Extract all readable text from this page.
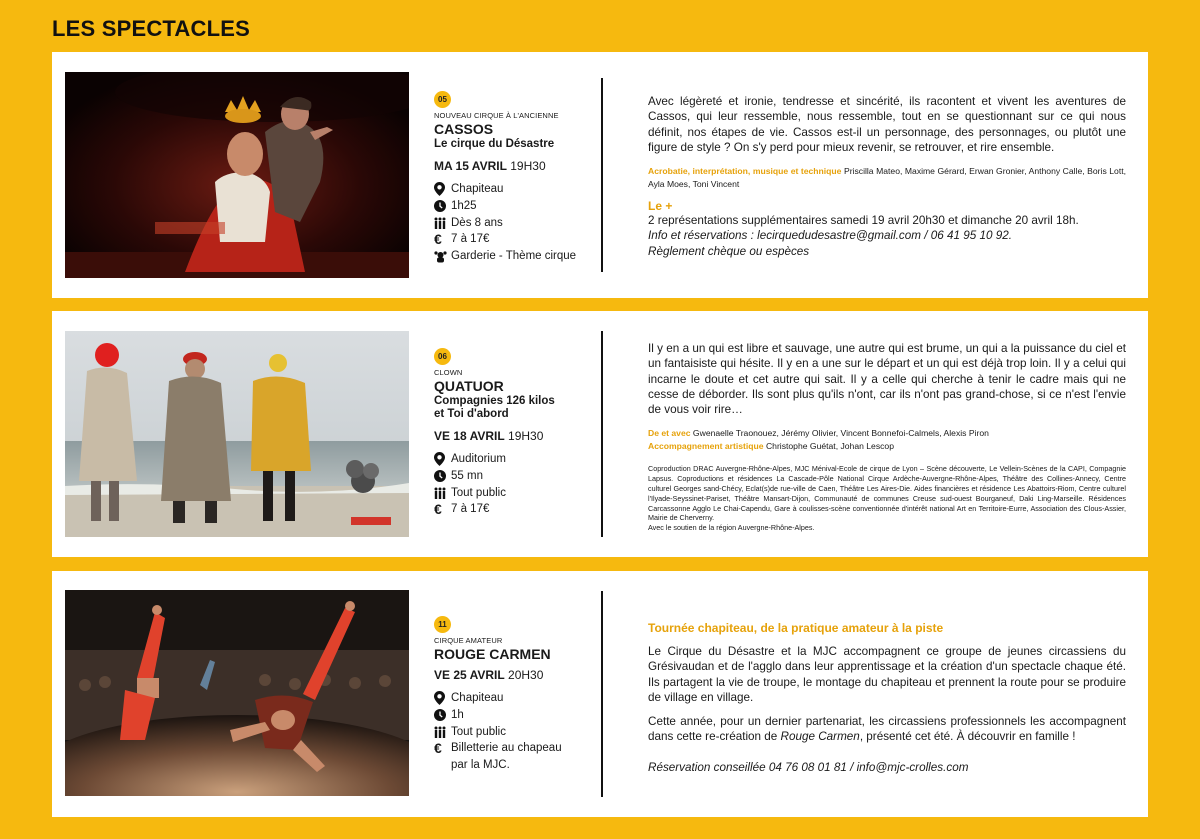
LES SPECTACLES
05
NOUVEAU CIRQUE À L'ANCIENNE
CASSOS
Le cirque du Désastre
MA 15 AVRIL 19H30
Chapiteau
1h25
Dès 8 ans
€ 7 à 17€
Garderie - Thème cirque

Avec légèreté et ironie, tendresse et sincérité, ils racontent et vivent les aventures de Cassos, qui leur ressemble, nous ressemble, tout en se questionnant sur ce qui nous définit, nos étapes de vie. Cassos est-il un personnage, des personnages, ou plutôt une figure de style ? On s'y perd pour mieux revenir, se retrouver, et rire ensemble.

Acrobatie, interprétation, musique et technique Priscilla Mateo, Maxime Gérard, Erwan Gronier, Anthony Calle, Boris Lott, Ayla Moes, Toni Vincent

Le +

2 représentations supplémentaires samedi 19 avril 20h30 et dimanche 20 avril 18h.
Info et réservations : lecirquedudesastre@gmail.com / 06 41 95 10 92.
Règlement chèque ou espèces

06
CLOWN
QUATUOR
Compagnies 126 kilos
et Toi d'abord
VE 18 AVRIL 19H30
Auditorium
55 mn
Tout public
€ 7 à 17€

Il y en a un qui est libre et sauvage, une autre qui est brume, un qui a la puissance du ciel et un fantaisiste qui hésite. Il y en a une sur le départ et un qui est déjà trop loin. Il y a celui qui incarne le doute et cet autre qui sait. Il y a celle qui cherche à tenir le cadre mais qui ne cesse de déborder. Ils sont plus qu'ils n'ont, car ils n'ont pas grand-chose, si ce n'est l'envie de vous voir rire…

De et avec Gwenaelle Traonouez, Jérémy Olivier, Vincent Bonnefoi-Calmels, Alexis Piron
Accompagnement artistique Christophe Guétat, Johan Lescop

Coproduction DRAC Auvergne-Rhône-Alpes, MJC Ménival-Ecole de cirque de Lyon – Scène découverte, Le Vellein-Scènes de la CAPI, Compagnie Lapsus. Coproductions et résidences La Cascade-Pôle National Cirque Ardèche-Auvergne-Rhône-Alpes, Théâtre des Collines-Annecy, Centre culturel Georges sand-Chécy, Eclat(s)de rue-ville de Caen, Théâtre Les Aires-Die. Aides financières et résidence Les Abattoirs-Riom, Centre culturel l'Ilyade-Seyssinet-Pariset, Théâtre Mansart-Dijon, Communauté de communes Creuse sud-ouest Bourganeuf, Daki Ling-Marseille. Résidences Carcassonne Agglo Le Chai-Capendu, Gare à coulisses-scène conventionnée d'intérêt national Art en Territoire-Eurre, Association des Clous-Assier, Mairie de Cherverny.
Avec le soutien de la région Auvergne-Rhône-Alpes.

11
CIRQUE AMATEUR
ROUGE CARMEN
VE 25 AVRIL 20H30
Chapiteau
1h
Tout public
€ Billetterie au chapeau par la MJC.
Tournée chapiteau, de la pratique amateur à la piste

Le Cirque du Désastre et la MJC accompagnent ce groupe de jeunes circassiens du Grésivaudan et de l'agglo dans leur apprentissage et la création d'un spectacle chaque été. Ils partagent la vie de troupe, le montage du chapiteau et prennent la route pour se produire de village en village.

Cette année, pour un dernier partenariat, les circassiens professionnels les accompagnent dans cette re-création de Rouge Carmen, présenté cet été. À découvrir en famille !

Réservation conseillée 04 76 08 01 81 / info@mjc-crolles.com
